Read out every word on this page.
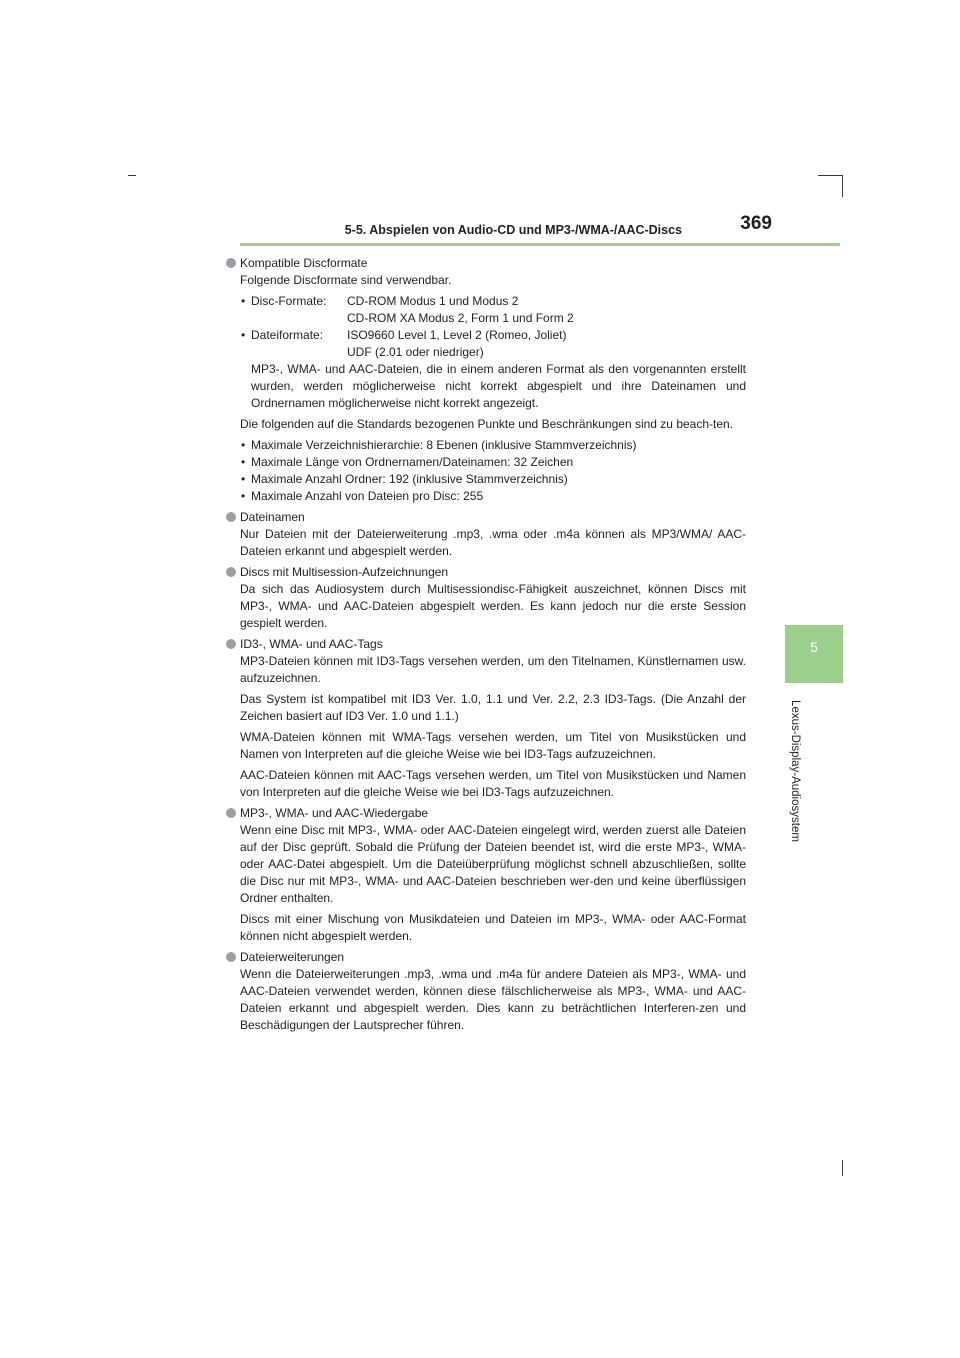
5-5. Abspielen von Audio-CD und MP3-/WMA-/AAC-Discs	369
5
Lexus-Display-Audiosystem
Kompatible Discformate
Folgende Discformate sind verwendbar.
• Disc-Formate: CD-ROM Modus 1 und Modus 2
CD-ROM XA Modus 2, Form 1 und Form 2
• Dateiformate: ISO9660 Level 1, Level 2 (Romeo, Joliet)
UDF (2.01 oder niedriger)
MP3-, WMA- und AAC-Dateien, die in einem anderen Format als den vorgenannten erstellt wurden, werden möglicherweise nicht korrekt abgespielt und ihre Dateinamen und Ordnernamen möglicherweise nicht korrekt angezeigt.
Die folgenden auf die Standards bezogenen Punkte und Beschränkungen sind zu beach-ten.
• Maximale Verzeichnishierarchie: 8 Ebenen (inklusive Stammverzeichnis)
• Maximale Länge von Ordnernamen/Dateinamen: 32 Zeichen
• Maximale Anzahl Ordner: 192 (inklusive Stammverzeichnis)
• Maximale Anzahl von Dateien pro Disc: 255
Dateinamen
Nur Dateien mit der Dateierweiterung .mp3, .wma oder .m4a können als MP3/WMA/ AAC-Dateien erkannt und abgespielt werden.
Discs mit Multisession-Aufzeichnungen
Da sich das Audiosystem durch Multisessiondisc-Fähigkeit auszeichnet, können Discs mit MP3-, WMA- und AAC-Dateien abgespielt werden. Es kann jedoch nur die erste Session gespielt werden.
ID3-, WMA- und AAC-Tags
MP3-Dateien können mit ID3-Tags versehen werden, um den Titelnamen, Künstlernamen usw. aufzuzeichnen.
Das System ist kompatibel mit ID3 Ver. 1.0, 1.1 und Ver. 2.2, 2.3 ID3-Tags. (Die Anzahl der Zeichen basiert auf ID3 Ver. 1.0 und 1.1.)
WMA-Dateien können mit WMA-Tags versehen werden, um Titel von Musikstücken und Namen von Interpreten auf die gleiche Weise wie bei ID3-Tags aufzuzeichnen.
AAC-Dateien können mit AAC-Tags versehen werden, um Titel von Musikstücken und Namen von Interpreten auf die gleiche Weise wie bei ID3-Tags aufzuzeichnen.
MP3-, WMA- und AAC-Wiedergabe
Wenn eine Disc mit MP3-, WMA- oder AAC-Dateien eingelegt wird, werden zuerst alle Dateien auf der Disc geprüft. Sobald die Prüfung der Dateien beendet ist, wird die erste MP3-, WMA- oder AAC-Datei abgespielt. Um die Dateiüberprüfung möglichst schnell abzuschließen, sollte die Disc nur mit MP3-, WMA- und AAC-Dateien beschrieben wer-den und keine überflüssigen Ordner enthalten.
Discs mit einer Mischung von Musikdateien und Dateien im MP3-, WMA- oder AAC-Format können nicht abgespielt werden.
Dateierweiterungen
Wenn die Dateierweiterungen .mp3, .wma und .m4a für andere Dateien als MP3-, WMA- und AAC-Dateien verwendet werden, können diese fälschlicherweise als MP3-, WMA- und AAC-Dateien erkannt und abgespielt werden. Dies kann zu beträchtlichen Interferen-zen und Beschädigungen der Lautsprecher führen.
